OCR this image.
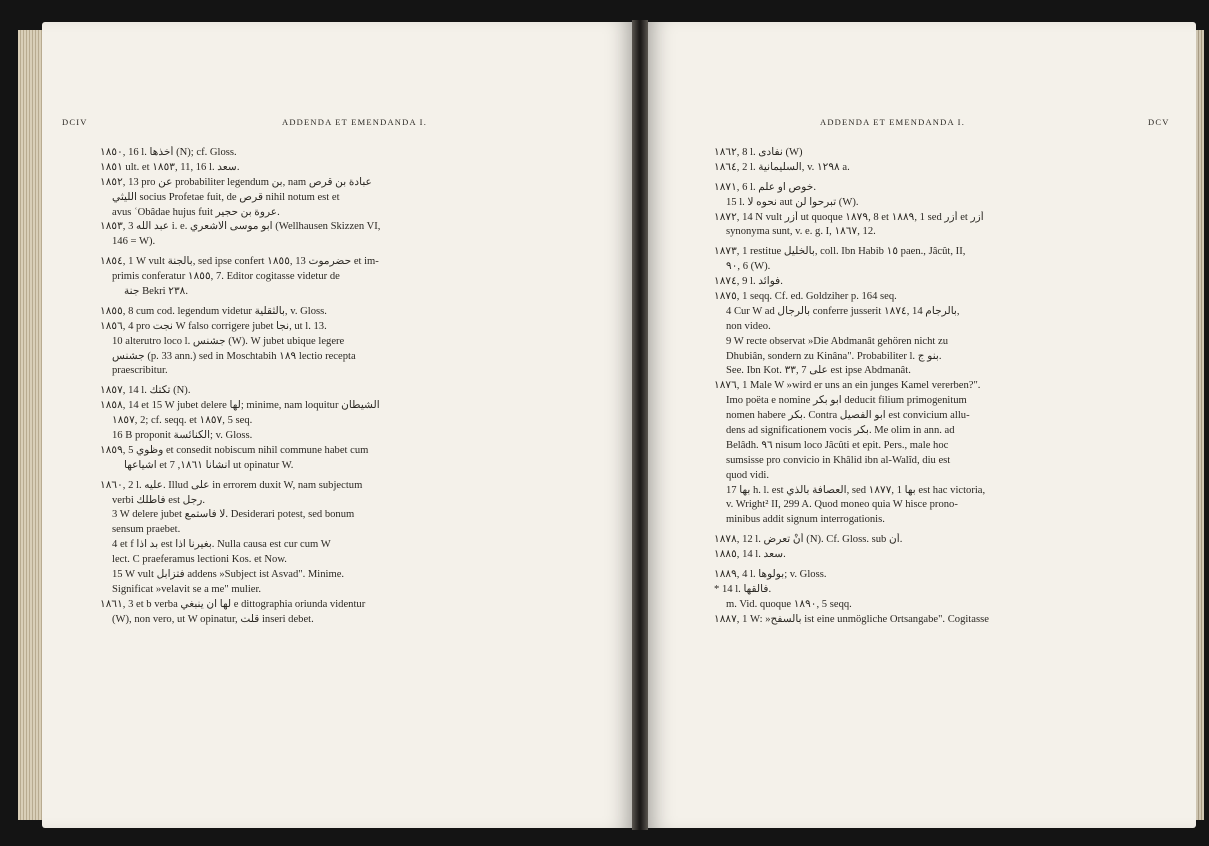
DCIV	ADDENDA ET EMENDANDA I.
١٨٥٠, 16 l. أخذها (N); cf. Gloss.
١٨٥١ ult. et ١٨٥٣, 11, 16 l. سعد.
١٨٥٢, 13 pro عن probabiliter legendum بن, nam عبادة بن قرص
الليثي socius Profetae fuit, de قرص nihil notum est et
avus ʿObâdae hujus fuit عروة بن حجير.
١٨٥٣, 3 عبد الله i. e. ابو موسى الاشعري (Wellhausen Skizzen VI,
146 = W).
١٨٥٤, 1 W vult بالجنة, sed ipse confert ١٨٥٥, 13 حضرموت et im-
primis conferatur ١٨٥٥, 7. Editor cogitasse videtur de
جنة Bekri ٢٣٨.
١٨٥٥, 8 cum cod. legendum videtur بالثقلية, v. Gloss.
١٨٥٦, 4 pro نجت W falso corrigere jubet نجا, ut l. 13.
10 alterutro loco l. جشنس (W). W jubet ubique legere
جشنس (p. 33 ann.) sed in Moschtabih ١٨٩ lectio recepta
praescribitur.
١٨٥٧, 14 l. تكتك (N).
١٨٥٨, 14 et 15 W jubet delere لها; minime, nam loquitur الشيطان
١٨٥٧, 2; cf. seqq. et ١٨٥٧, 5 seq.
16 B proponit الكنائسة; v. Gloss.
١٨٥٩, 5 وظوي et consedit nobiscum nihil commune habet cum
اشياعها et انشانا ١٨٦١, 7 ut opinatur W.
١٨٦٠, 2 l. عليه. Illud على in errorem duxit W, nam subjectum
verbi فاطلك est رجل.
3 W delere jubet لا فاستمع. Desiderari potest, sed bonum
sensum praebet.
4 et f بد اذا est بغيرنا اذا. Nulla causa est cur cum W
lect. C praeferamus lectioni Kos. et Now.
15 W vult فتزابل addens »Subject ist Asvad". Minime.
Significat »velavit se a me" mulier.
١٨٦١, 3 et b verba لها ان ينبغي e dittographia oriunda videntur
(W), non vero, ut W opinatur, قلت inseri debet.
ADDENDA ET EMENDANDA I.	DCV
١٨٦٢, 8 l. نفادى (W)
١٨٦٤, 2 l. السليمانية, v. ١٢٩٨ a.
١٨٧١, 6 l. خوص او علم.
15 l. نحوه لا aut تبرحوا لن (W).
١٨٧٢, 14 N vult أزر ut quoque ١٨٧٩, 8 et ١٨٨٩, 1 sed أزر et أزر
synonyma sunt, v. e. g. I, ١٨٦٧, 12.
١٨٧٣, 1 restitue بالخليل, coll. Ibn Habib ١٥ paen., Jâcût, II,
٩٠, 6 (W).
١٨٧٤, 9 l. فوائد.
١٨٧٥, 1 seqq. Cf. ed. Goldziher p. 164 seq.
4 Cur W ad بالرجال conferre jusserit ١٨٧٤, 14 بالرجام,
non video.
9 W recte observat »Die Abdmanât gehören nicht zu
Dhubiân, sondern zu Kinâna". Probabiliter l. بنو ج.
See. Ibn Kot. ٣٣, 7 على est ipse Abdmanât.
١٨٧٦, 1 Male W »wird er uns an ein junges Kamel vererben?".
Imo poëta e nomine ابو بكر deducit filium primogenitum
nomen habere بكر. Contra ابو الفصيل est convicium allu-
dens ad significationem vocis بكر. Me olim in ann. ad
Belâdh. ٩٦ nisum loco Jâcûti et epit. Pers., male hoc
sumsisse pro convicio in Khâlid ibn al-Walîd, diu est
quod vidi.
17 بها h. l. est العصافة بالذي, sed ١٨٧٧, 1 بها est hac victoria,
v. Wright² II, 299 A. Quod moneo quia W hisce prono-
minibus addit signum interrogationis.
١٨٧٨, 12 l. أنْ تعرض (N). Cf. Gloss. sub أن.
١٨٨٥, 14 l. سعد.
١٨٨٩, 4 l. بولوها; v. Gloss.
* 14 l. فالقها.
m. Vid. quoque ١٨٩٠, 5 seqq.
١٨٨٧, 1 W: »بالسفح ist eine unmögliche Ortsangabe". Cogitasse
